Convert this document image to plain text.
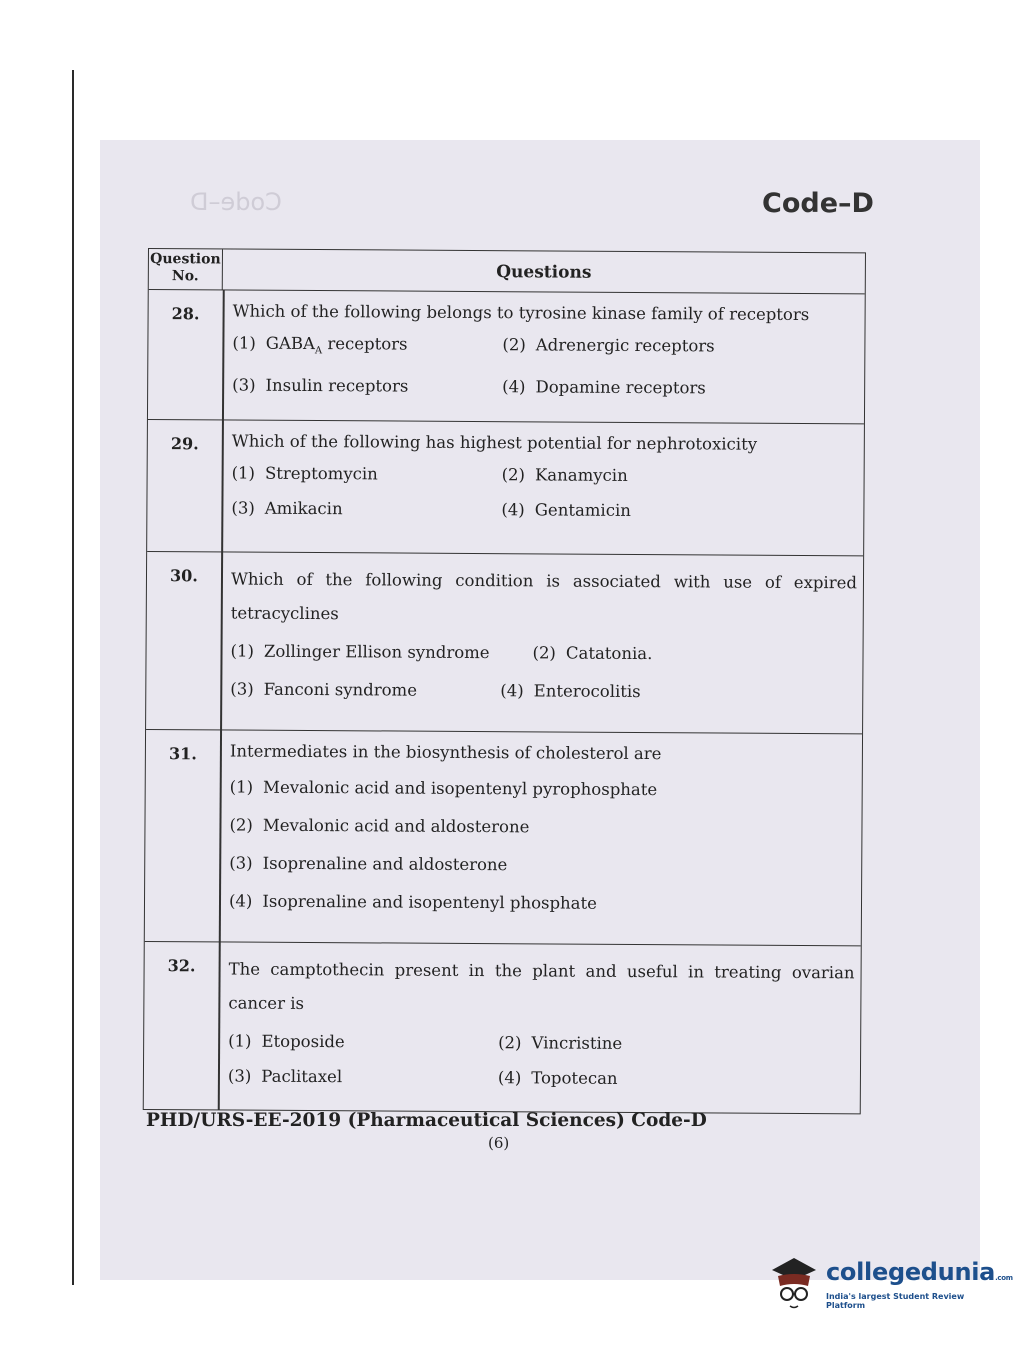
Code–D	Code–D
Question
No.	Questions
28.	Which of the following belongs to tyrosine kinase family of receptors
(1) $GABA_A$ receptors	(2) Adrenergic receptors
(3) Insulin receptors	(4) Dopamine receptors
29.	Which of the following has highest potential for nephrotoxicity
(1) Streptomycin	(2) Kanamycin
(3) Amikacin	(4) Gentamicin
30.	Which of the following condition is associated with use of expired tetracyclines
(1) Zollinger Ellison syndrome	(2) Catatonia.
(3) Fanconi syndrome	(4) Enterocolitis
31.	Intermediates in the biosynthesis of cholesterol are
(1) Mevalonic acid and isopentenyl pyrophosphate
(2) Mevalonic acid and aldosterone
(3) Isoprenaline and aldosterone
(4) Isoprenaline and isopentenyl phosphate
32.	The camptothecin present in the plant and useful in treating ovarian cancer is
(1) Etoposide	(2) Vincristine
(3) Paclitaxel	(4) Topotecan
PHD/URS-EE-2019 (Pharmaceutical Sciences) Code-D
(6)
collegedunia.com
India's largest Student Review Platform
